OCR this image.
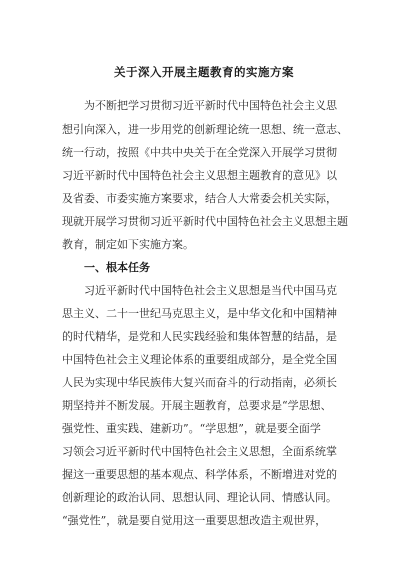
关于深入开展主题教育的实施方案
　　为不断把学习贯彻习近平新时代中国特色社会主义思
想引向深入，进一步用党的创新理论统一思想、统一意志、
统一行动，按照《中共中央关于在全党深入开展学习贯彻
习近平新时代中国特色社会主义思想主题教育的意见》以
及省委、市委实施方案要求，结合人大常委会机关实际，
现就开展学习贯彻习近平新时代中国特色社会主义思想主题
教育，制定如下实施方案。
　　一、根本任务
　　习近平新时代中国特色社会主义思想是当代中国马克
思主义、二十一世纪马克思主义，是中华文化和中国精神
的时代精华，是党和人民实践经验和集体智慧的结晶，是
中国特色社会主义理论体系的重要组成部分，是全党全国
人民为实现中华民族伟大复兴而奋斗的行动指南，必须长
期坚持并不断发展。开展主题教育，总要求是“学思想、
强党性、重实践、建新功”。“学思想”，就是要全面学
习领会习近平新时代中国特色社会主义思想，全面系统掌
握这一重要思想的基本观点、科学体系，不断增进对党的
创新理论的政治认同、思想认同、理论认同、情感认同。
“强党性”，就是要自觉用这一重要思想改造主观世界，
